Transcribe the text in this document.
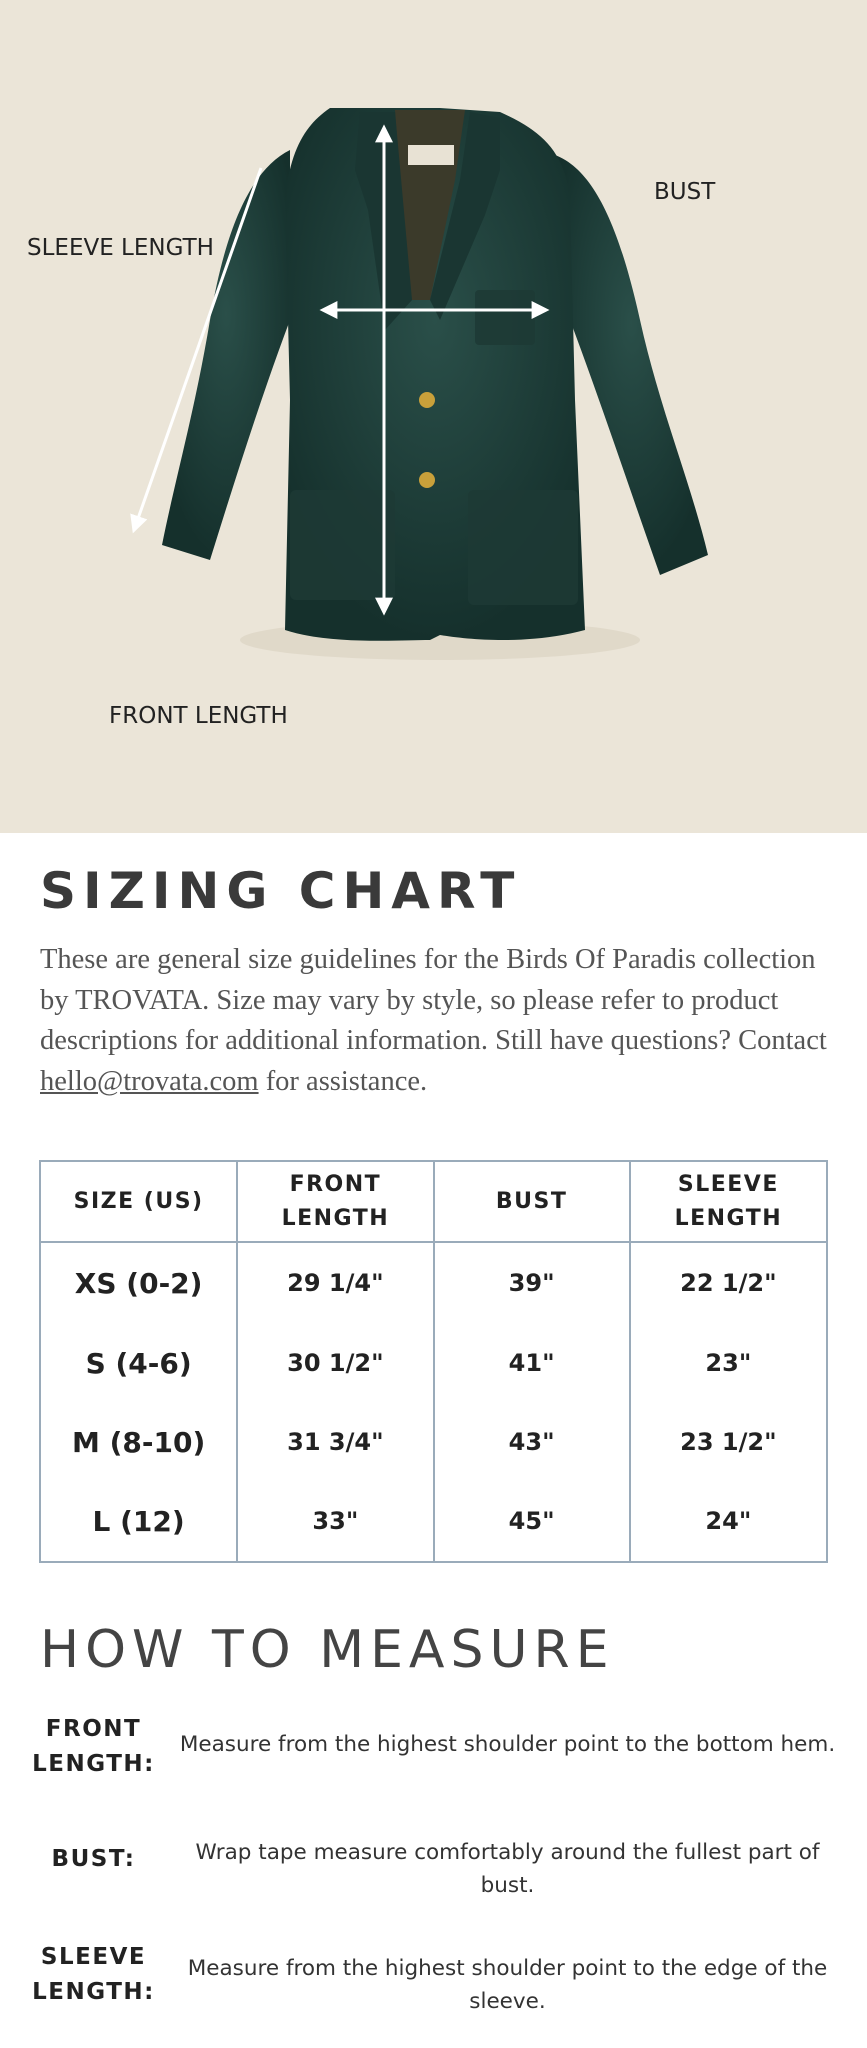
BUST
SLEEVE LENGTH
FRONT LENGTH
SIZING CHART

These are general size guidelines for the Birds Of Paradis collection by TROVATA. Size may vary by style, so please refer to product descriptions for additional information. Still have questions? Contact hello@trovata.com for assistance.

SIZE (US)	FRONT LENGTH	BUST	SLEEVE LENGTH
XS (0-2)	29 1/4"	39"	22 1/2"
S (4-6)	30 1/2"	41"	23"
M (8-10)	31 3/4"	43"	23 1/2"
L (12)	33"	45"	24"
HOW TO MEASURE
FRONT LENGTH:
Measure from the highest shoulder point to the bottom hem.
BUST:	Wrap tape measure comfortably around the fullest part of bust.
SLEEVE LENGTH:
Measure from the highest shoulder point to the edge of the sleeve.
